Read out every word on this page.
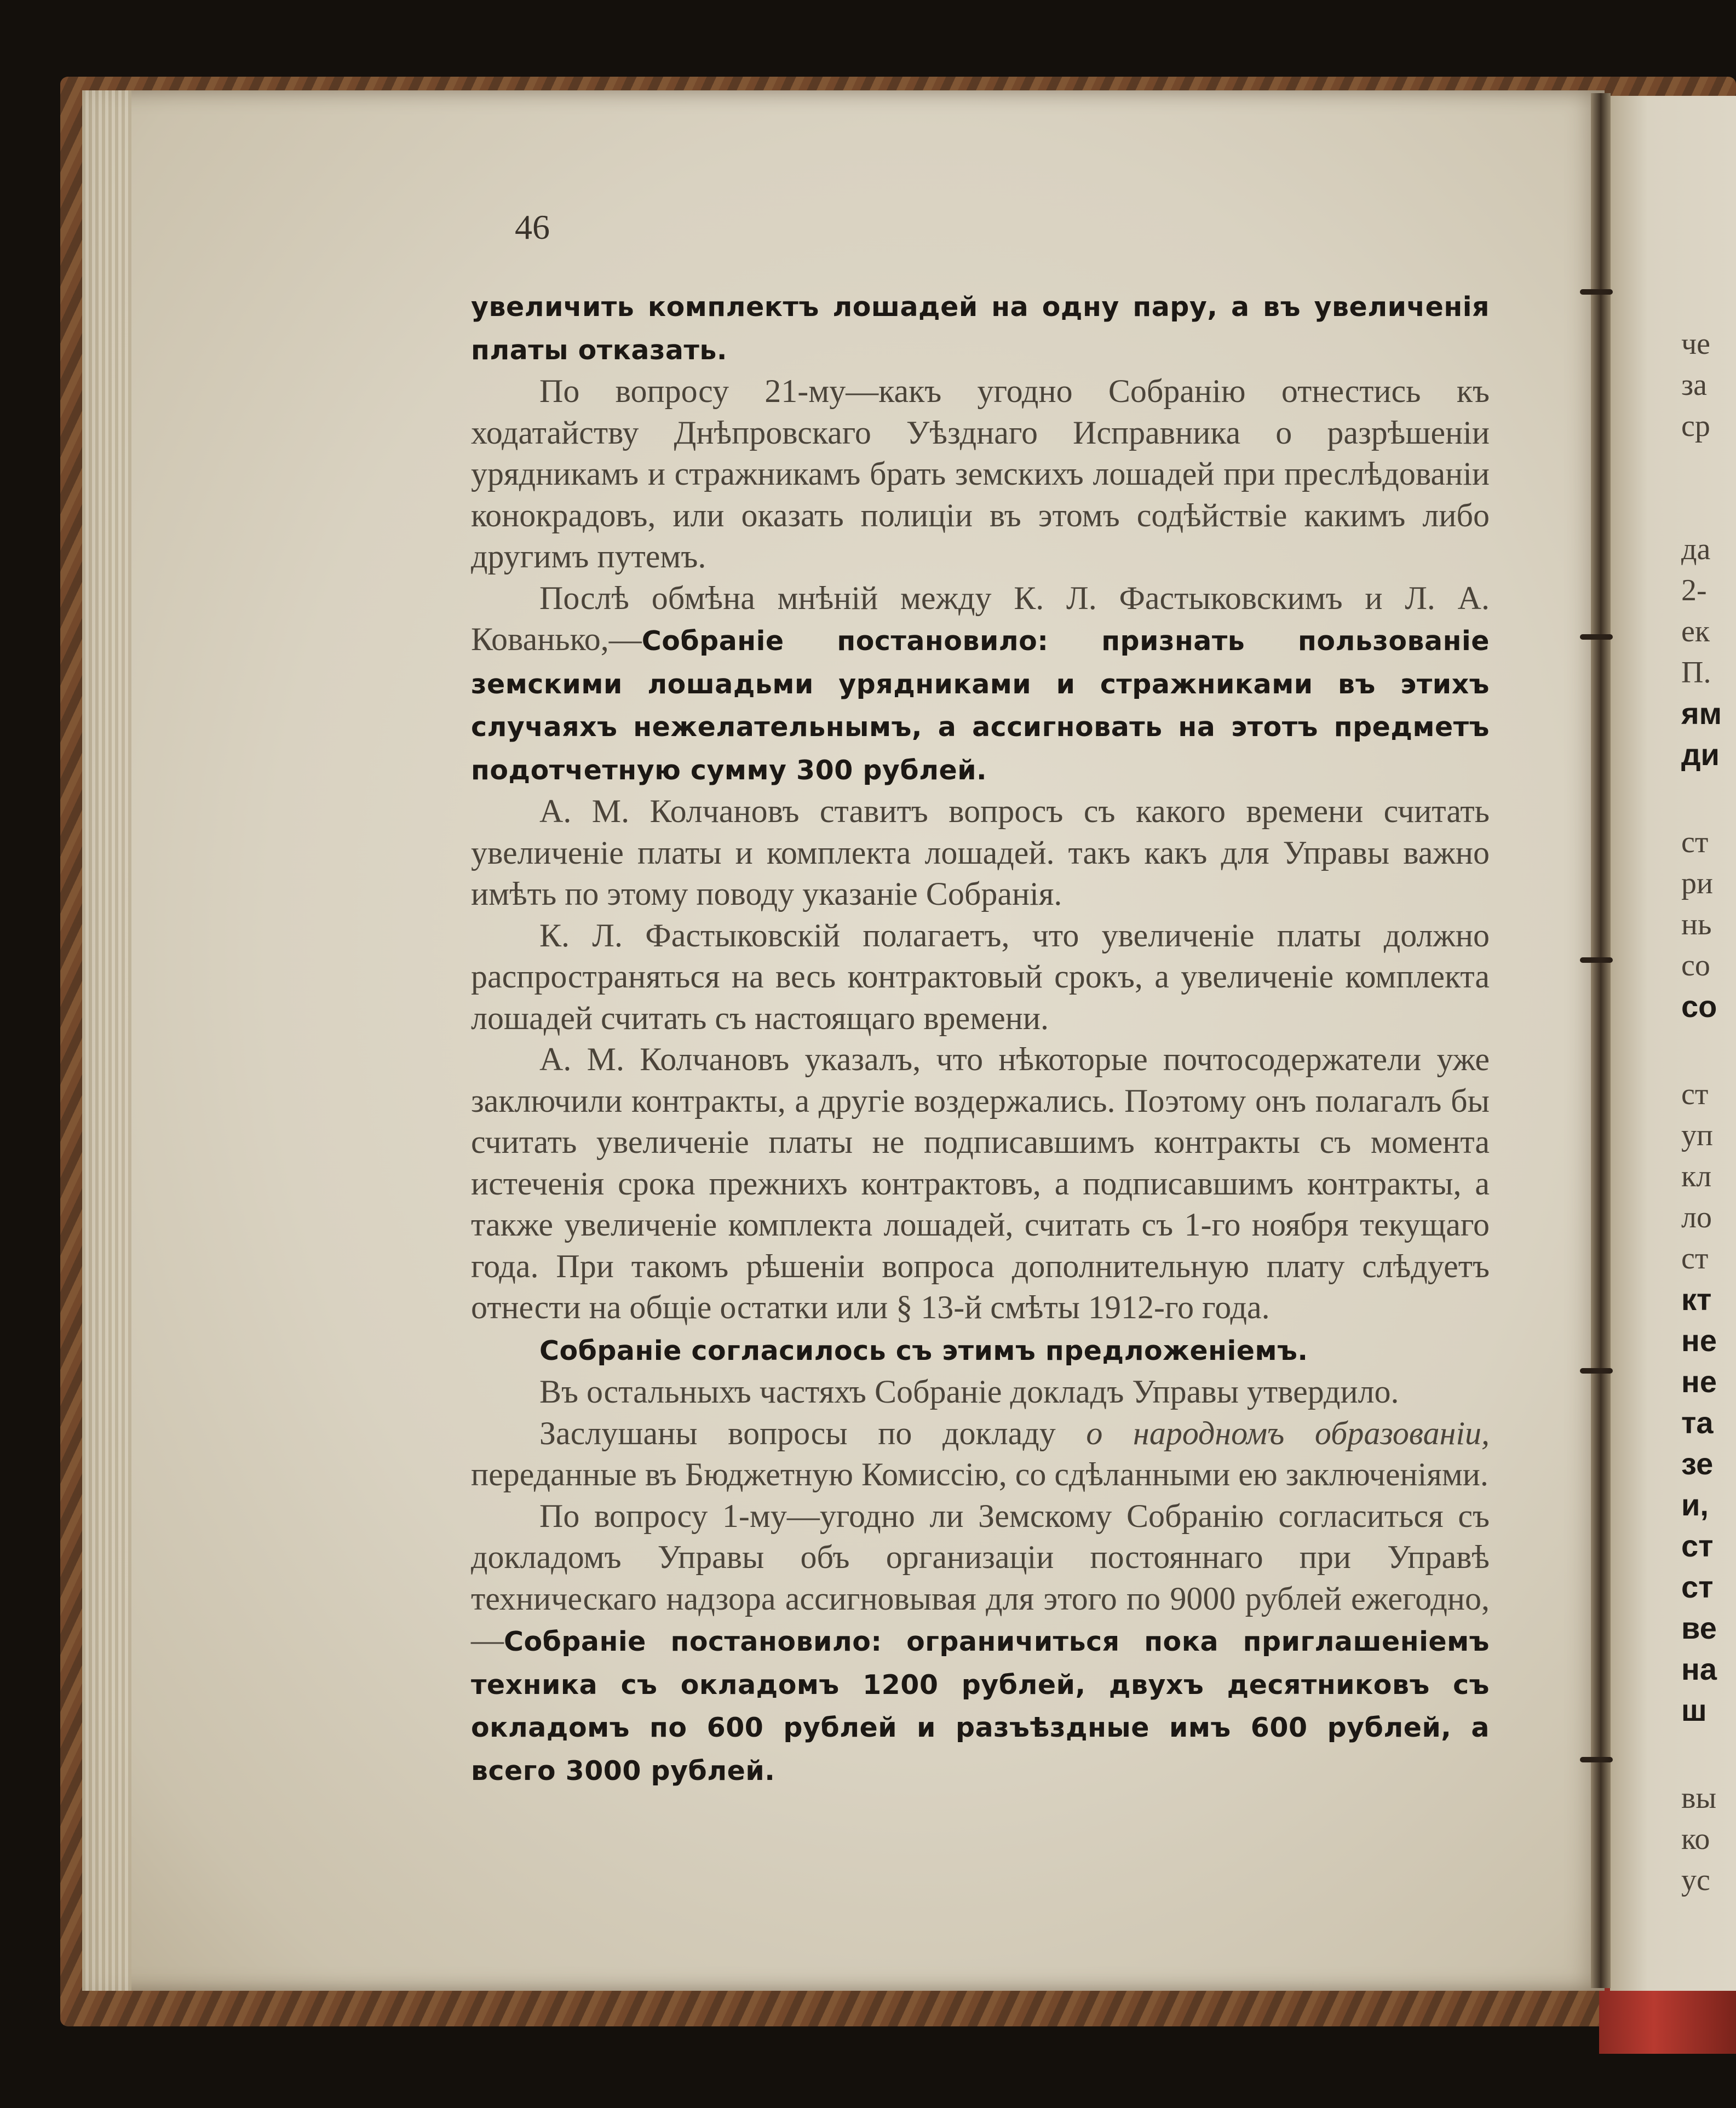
че
за
ср
да
2-
ек
П.
ям
ди
ст
ри
нь
со
со
ст
уп
кл
ло
ст
кт
не
не
та
зе
и,
ст
ст
ве
на
ш
вы
ко
ус
46

увеличить комплектъ лошадей на одну пару, а въ увеличенія платы отказать.

По вопросу 21-му—какъ угодно Собранію отнестись къ ходатайству Днѣпровскаго Уѣзднаго Исправника о разрѣшеніи урядникамъ и стражникамъ брать земскихъ лошадей при преслѣдованіи конокрадовъ, или оказать полиціи въ этомъ содѣйствіе какимъ либо другимъ путемъ.

Послѣ обмѣна мнѣній между К. Л. Фастыковскимъ и Л. А. Кованько,—Собраніе постановило: признать пользованіе земскими лошадьми урядниками и стражниками въ этихъ случаяхъ нежелательнымъ, а ассигновать на этотъ предметъ подотчетную сумму 300 рублей.

А. М. Колчановъ ставитъ вопросъ съ какого времени считать увеличеніе платы и комплекта лошадей. такъ какъ для Управы важно имѣть по этому поводу указаніе Собранія.

К. Л. Фастыковскій полагаетъ, что увеличеніе платы должно распространяться на весь контрактовый срокъ, а увеличеніе комплекта лошадей считать съ настоящаго времени.

А. М. Колчановъ указалъ, что нѣкоторые почтосодержатели уже заключили контракты, а другіе воздержались. Поэтому онъ полагалъ бы считать увеличеніе платы не подписавшимъ контракты съ момента истеченія срока прежнихъ контрактовъ, а подписавшимъ контракты, а также увеличеніе комплекта лошадей, считать съ 1-го ноября текущаго года. При такомъ рѣшеніи вопроса дополнительную плату слѣдуетъ отнести на общіе остатки или § 13-й смѣты 1912-го года.

Собраніе согласилось съ этимъ предложеніемъ.

Въ остальныхъ частяхъ Собраніе докладъ Управы утвердило.

Заслушаны вопросы по докладу о народномъ образованіи, переданные въ Бюджетную Комиссію, со сдѣланными ею заключеніями.

По вопросу 1-му—угодно ли Земскому Собранію согласиться съ докладомъ Управы объ организаціи постояннаго при Управѣ техническаго надзора ассигновывая для этого по 9000 рублей ежегодно,—Собраніе постановило: ограничиться пока приглашеніемъ техника съ окладомъ 1200 рублей, двухъ десятниковъ съ окладомъ по 600 рублей и разъѣздные имъ 600 рублей, а всего 3000 рублей.
